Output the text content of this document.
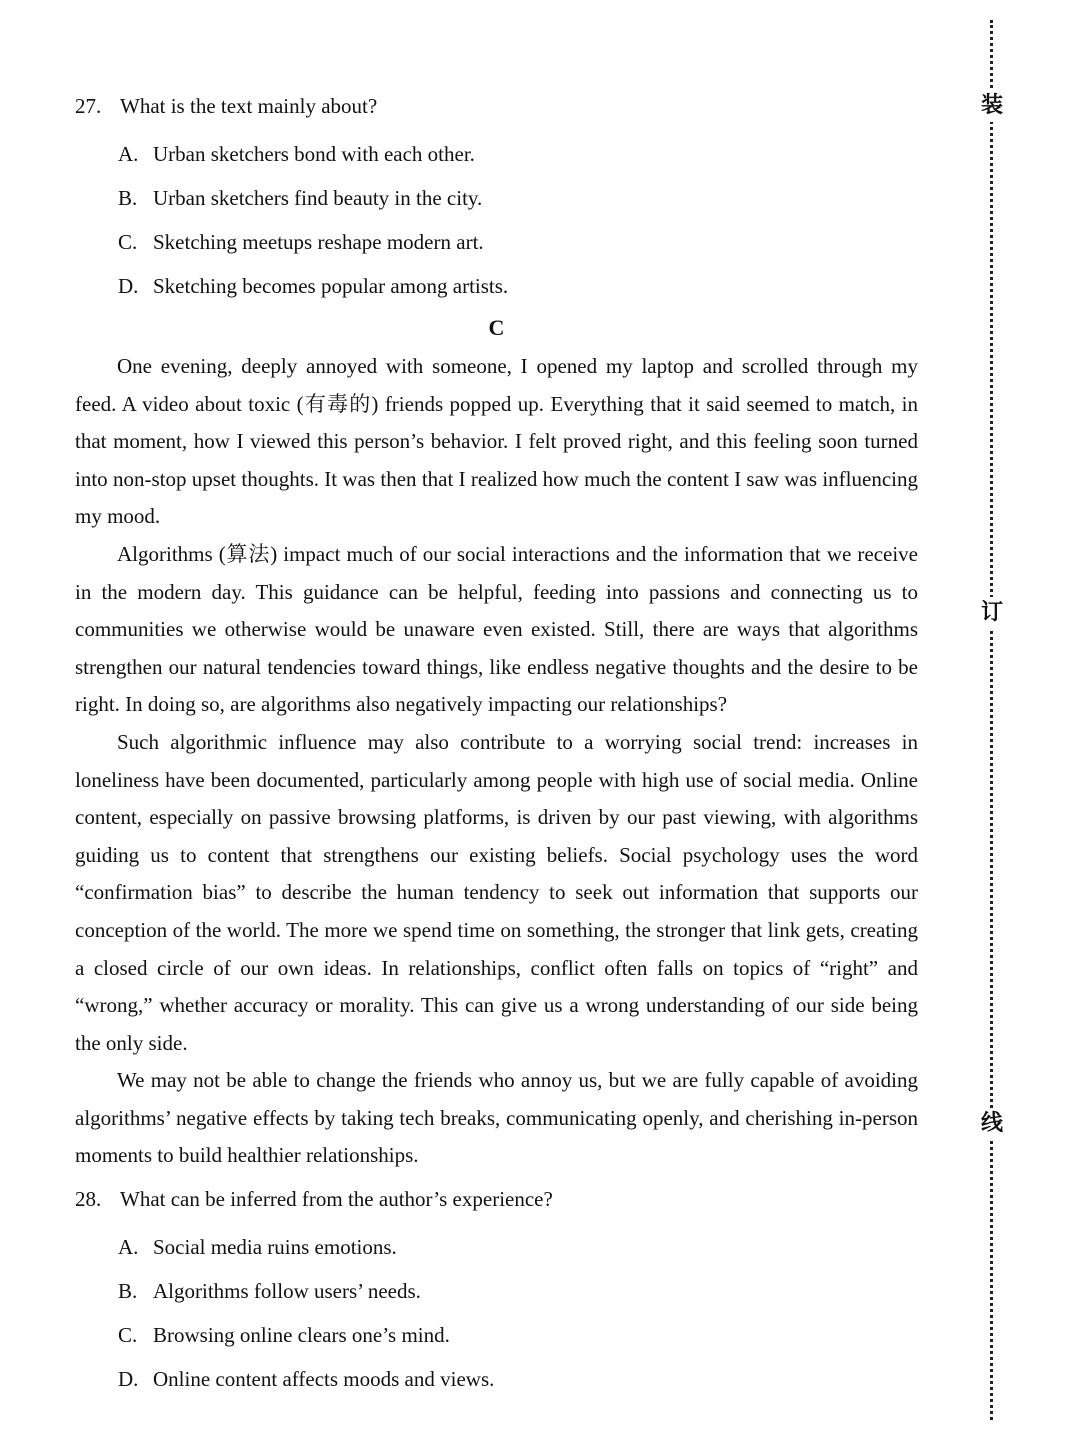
27. What is the text mainly about?
A. Urban sketchers bond with each other.
B. Urban sketchers find beauty in the city.
C. Sketching meetups reshape modern art.
D. Sketching becomes popular among artists.
C

One evening, deeply annoyed with someone, I opened my laptop and scrolled through my feed. A video about toxic (有毒的) friends popped up. Everything that it said seemed to match, in that moment, how I viewed this person’s behavior. I felt proved right, and this feeling soon turned into non-stop upset thoughts. It was then that I realized how much the content I saw was influencing my mood.

Algorithms (算法) impact much of our social interactions and the information that we receive in the modern day. This guidance can be helpful, feeding into passions and connecting us to communities we otherwise would be unaware even existed. Still, there are ways that algorithms strengthen our natural tendencies toward things, like endless negative thoughts and the desire to be right. In doing so, are algorithms also negatively impacting our relationships?

Such algorithmic influence may also contribute to a worrying social trend: increases in loneliness have been documented, particularly among people with high use of social media. Online content, especially on passive browsing platforms, is driven by our past viewing, with algorithms guiding us to content that strengthens our existing beliefs. Social psychology uses the word “confirmation bias” to describe the human tendency to seek out information that supports our conception of the world. The more we spend time on something, the stronger that link gets, creating a closed circle of our own ideas. In relationships, conflict often falls on topics of “right” and “wrong,” whether accuracy or morality. This can give us a wrong understanding of our side being the only side.

We may not be able to change the friends who annoy us, but we are fully capable of avoiding algorithms’ negative effects by taking tech breaks, communicating openly, and cherishing in-person moments to build healthier relationships.

28. What can be inferred from the author’s experience?
A. Social media ruins emotions.
B. Algorithms follow users’ needs.
C. Browsing online clears one’s mind.
D. Online content affects moods and views.
装
订
线
